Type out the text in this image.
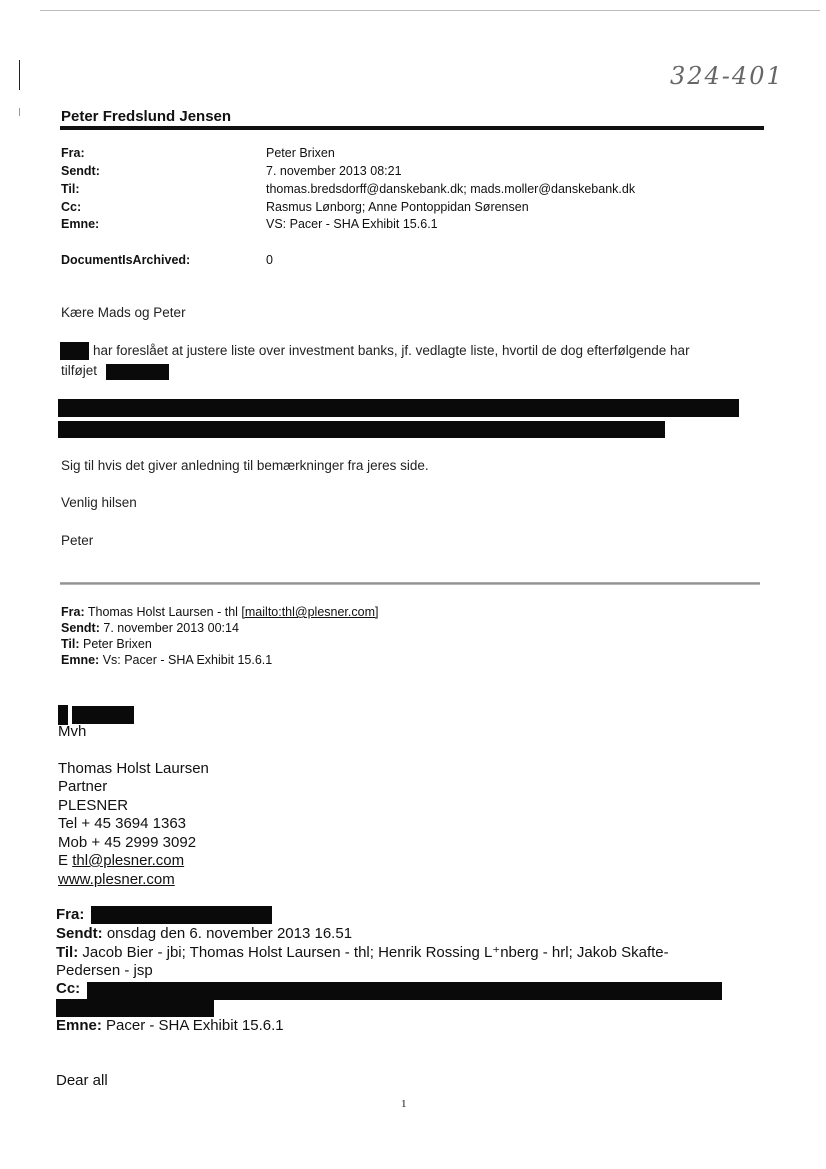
324-401
Peter Fredslund Jensen
Fra:	Peter Brixen
Sendt:	7. november 2013 08:21
Til:	thomas.bredsdorff@danskebank.dk; mads.moller@danskebank.dk
Cc:	Rasmus Lønborg; Anne Pontoppidan Sørensen
Emne:	VS: Pacer - SHA Exhibit 15.6.1
DocumentIsArchived:	0
Kære Mads og Peter
har foreslået at justere liste over investment banks, jf. vedlagte liste, hvortil de dog efterfølgende har
tilføjet
Sig til hvis det giver anledning til bemærkninger fra jeres side.
Venlig hilsen
Peter
Fra: Thomas Holst Laursen - thl [mailto:thl@plesner.com]
Sendt: 7. november 2013 00:14
Til: Peter Brixen
Emne: Vs: Pacer - SHA Exhibit 15.6.1
Mvh
Thomas Holst Laursen
Partner
PLESNER
Tel + 45 3694 1363
Mob + 45 2999 3092
E thl@plesner.com
www.plesner.com
Fra:
Sendt: onsdag den 6. november 2013 16.51
Til: Jacob Bier - jbi; Thomas Holst Laursen - thl; Henrik Rossing L⁺nberg - hrl; Jakob Skafte-
Pedersen - jsp
Cc:
Emne: Pacer - SHA Exhibit 15.6.1
Dear all
1
